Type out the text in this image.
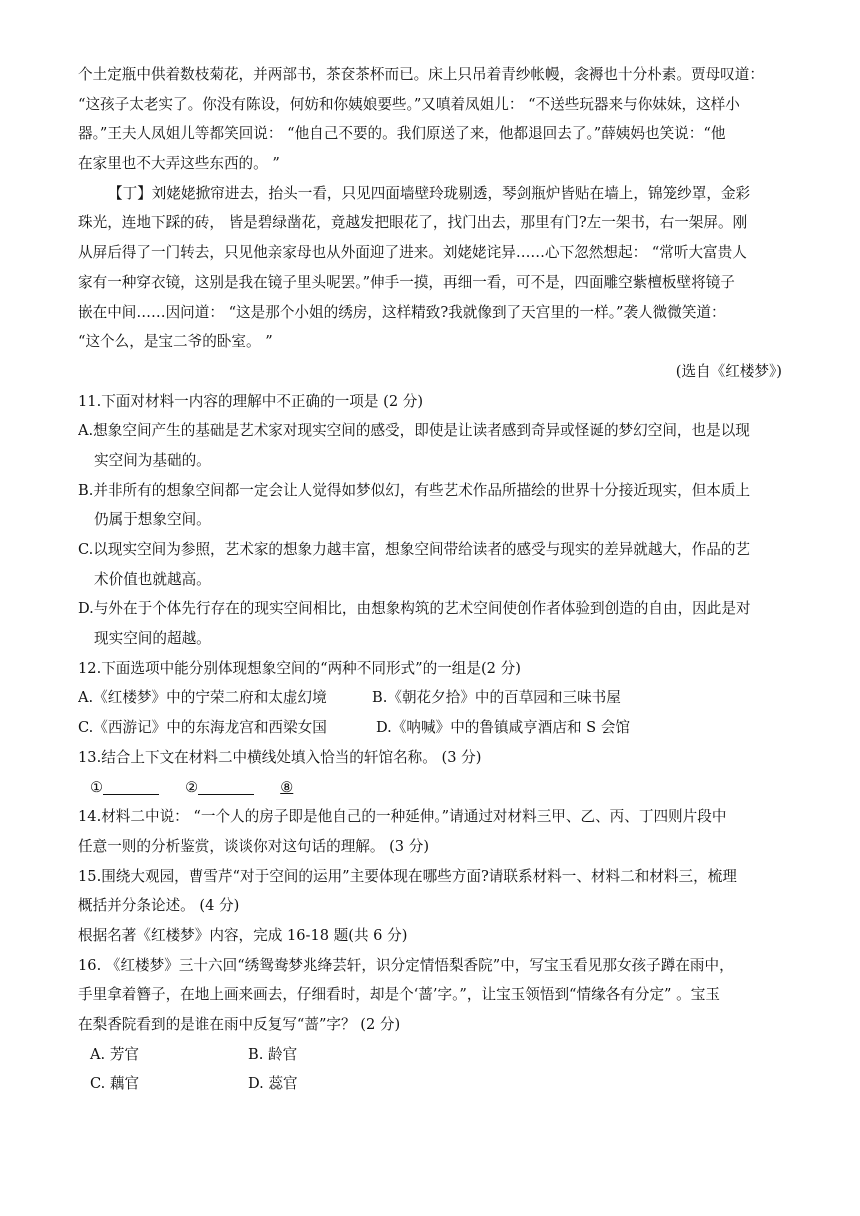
个土定瓶中供着数枝菊花，并两部书，茶奁茶杯而已。床上只吊着青纱帐幔，衾褥也十分朴素。贾母叹道：
“这孩子太老实了。你没有陈设，何妨和你姨娘要些。”又嗔着凤姐儿： “不送些玩器来与你妹妹，这样小
器。”王夫人凤姐儿等都笑回说： “他自己不要的。我们原送了来，他都退回去了。”薛姨妈也笑说：“他
在家里也不大弄这些东西的。 ”
【丁】刘姥姥掀帘进去，抬头一看，只见四面墙壁玲珑剔透，琴剑瓶炉皆贴在墙上，锦笼纱罩，金彩
珠光，连地下踩的砖， 皆是碧绿凿花，竟越发把眼花了，找门出去，那里有门?左一架书，右一架屏。刚
从屏后得了一门转去，只见他亲家母也从外面迎了进来。刘姥姥诧异……心下忽然想起： “常听大富贵人
家有一种穿衣镜，这别是我在镜子里头呢罢。”伸手一摸，再细一看，可不是，四面雕空紫檀板壁将镜子
嵌在中间……因问道： “这是那个小姐的绣房，这样精致?我就像到了天宫里的一样。”袭人微微笑道：
“这个么，是宝二爷的卧室。 ”
(选自《红楼梦》)
11.下面对材料一内容的理解中不正确的一项是 (2 分)
A.想象空间产生的基础是艺术家对现实空间的感受，即使是让读者感到奇异或怪诞的梦幻空间，也是以现
实空间为基础的。
B.并非所有的想象空间都一定会让人觉得如梦似幻，有些艺术作品所描绘的世界十分接近现实，但本质上
仍属于想象空间。
C.以现实空间为参照，艺术家的想象力越丰富，想象空间带给读者的感受与现实的差异就越大，作品的艺
术价值也就越高。
D.与外在于个体先行存在的现实空间相比，由想象构筑的艺术空间使创作者体验到创造的自由，因此是对
现实空间的超越。
12.下面选项中能分别体现想象空间的“两种不同形式”的一组是(2 分)
A.《红楼梦》中的宁荣二府和太虚幻境	B.《朝花夕拾》中的百草园和三味书屋
C.《西游记》中的东海龙宫和西梁女国	D.《呐喊》中的鲁镇咸亨酒店和 S 会馆
13.结合上下文在材料二中横线处填入恰当的轩馆名称。 (3 分)
①	②	⑧
14.材料二中说： “一个人的房子即是他自己的一种延伸。”请通过对材料三甲、乙、丙、丁四则片段中
任意一则的分析鉴赏，谈谈你对这句话的理解。 (3 分)
15.围绕大观园，曹雪芹“对于空间的运用”主要体现在哪些方面?请联系材料一、材料二和材料三，梳理
概括并分条论述。 (4 分)
根据名著《红楼梦》内容，完成 16-18 题(共 6 分)
16. 《红楼梦》三十六回“绣鸳鸯梦兆绛芸轩，识分定情悟梨香院”中，写宝玉看见那女孩子蹲在雨中，
手里拿着簪子，在地上画来画去，仔细看时，却是个‘蔷’字。”，让宝玉领悟到“情缘各有分定” 。宝玉
在梨香院看到的是谁在雨中反复写“蔷”字？ (2 分)
A. 芳官	B. 龄官
C. 藕官	D. 蕊官
